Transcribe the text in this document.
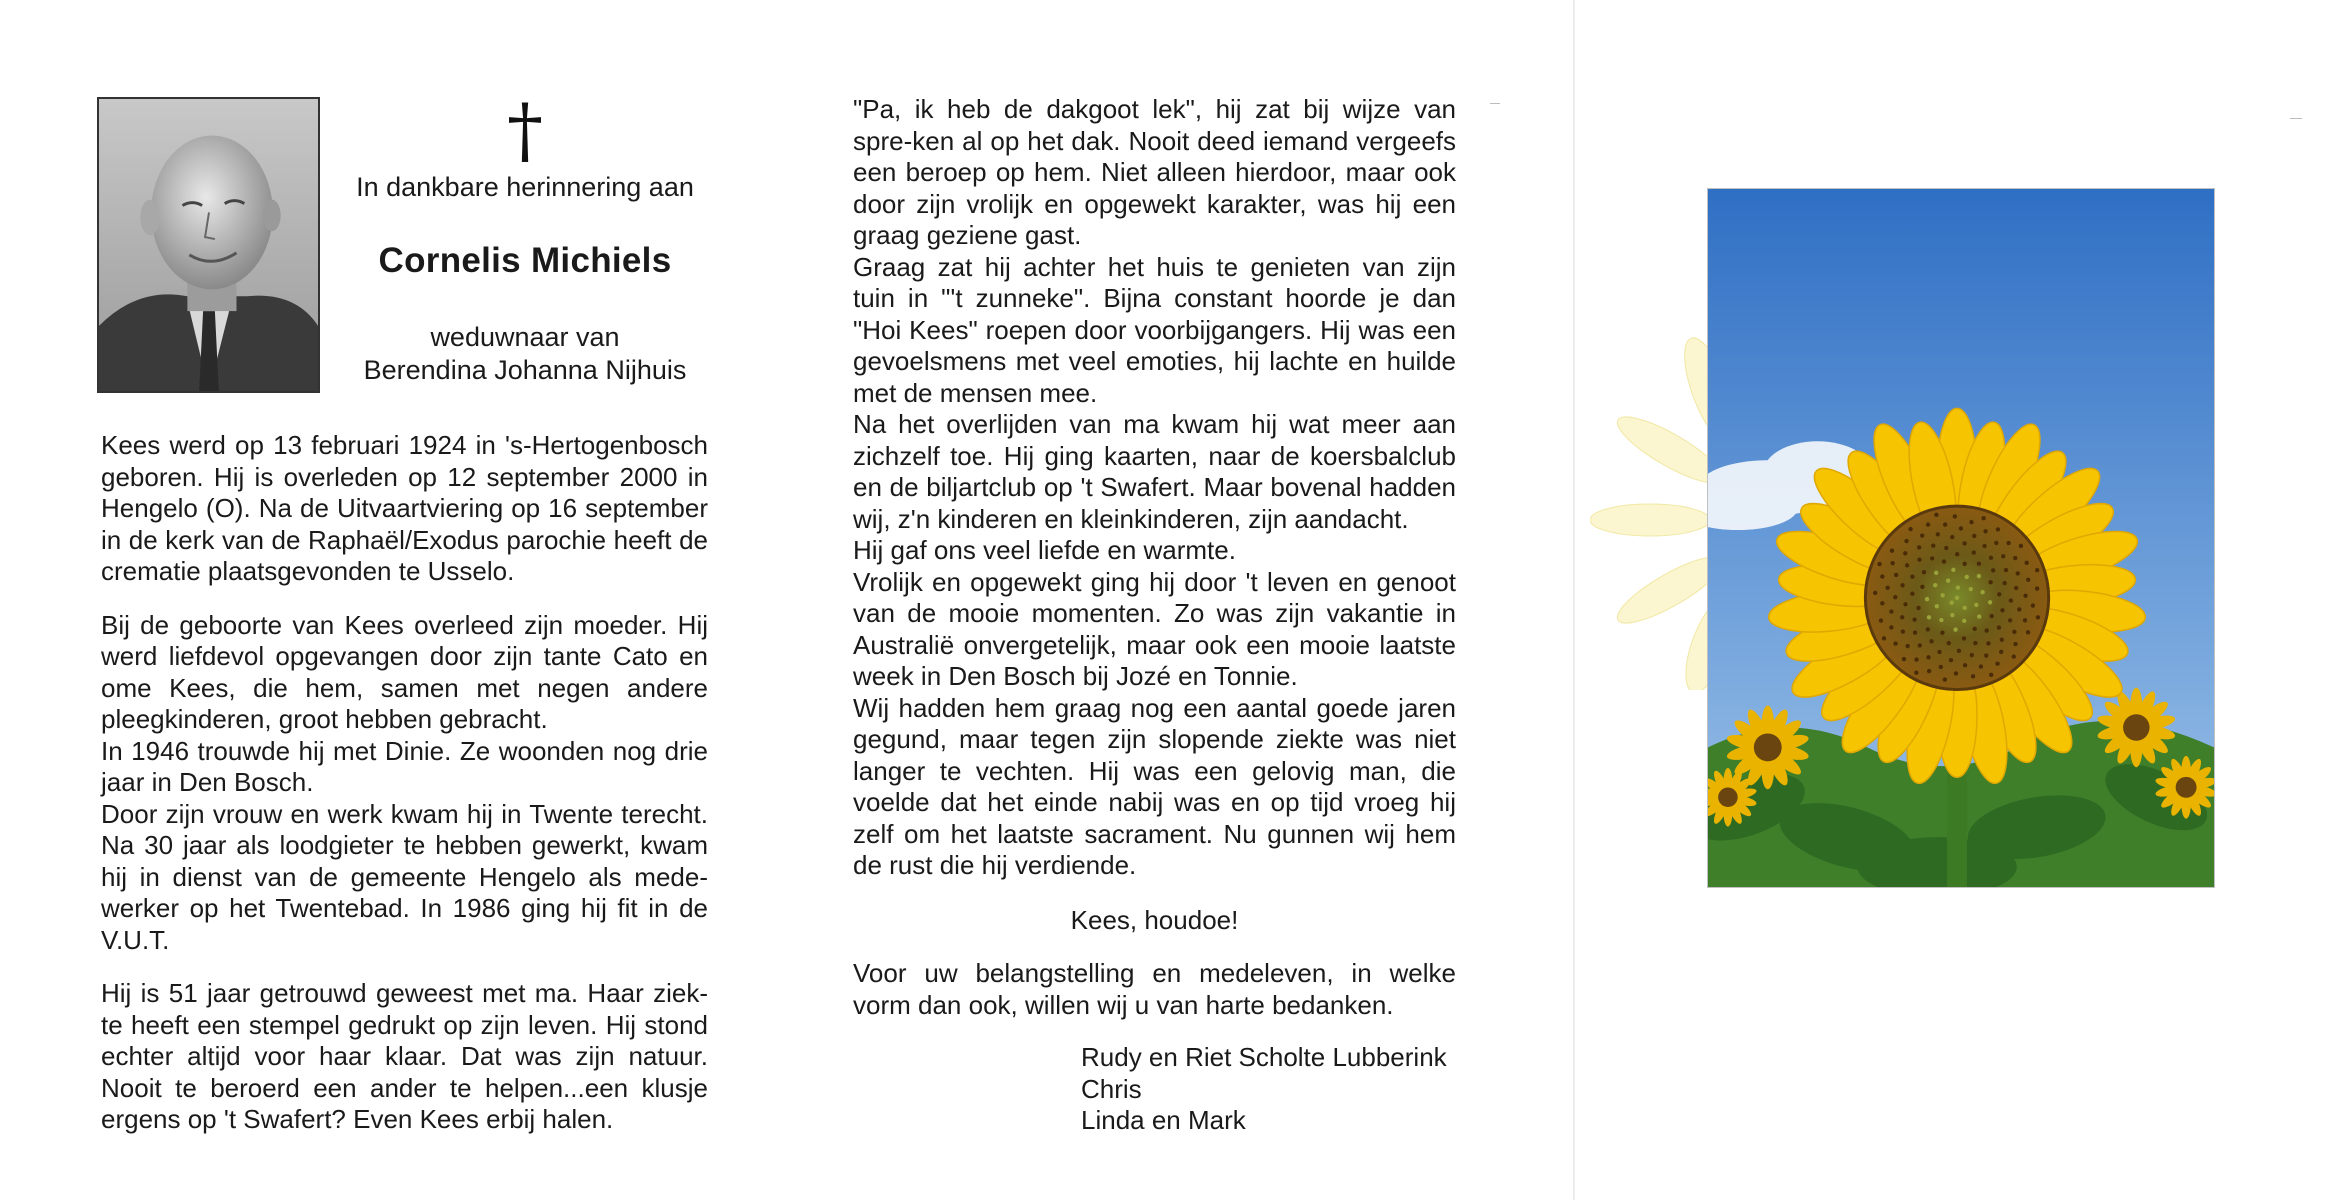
†
In dankbare herinnering aan
Cornelis Michiels
weduwnaar van
Berendina Johanna Nijhuis

Kees werd op 13 februari 1924 in 's-Hertogenbosch geboren. Hij is overleden op 12 september 2000 in Hengelo (O). Na de Uitvaartviering op 16 september in de kerk van de Raphaël/Exodus parochie heeft de crematie plaatsgevonden te Usselo.

Bij de geboorte van Kees overleed zijn moeder. Hij werd liefdevol opgevangen door zijn tante Cato en ome Kees, die hem, samen met negen andere pleegkinderen, groot hebben gebracht.

In 1946 trouwde hij met Dinie. Ze woonden nog drie jaar in Den Bosch.

Door zijn vrouw en werk kwam hij in Twente terecht. Na 30 jaar als loodgieter te hebben gewerkt, kwam hij in dienst van de gemeente Hengelo als mede-werker op het Twentebad. In 1986 ging hij fit in de V.U.T.

Hij is 51 jaar getrouwd geweest met ma. Haar ziek-te heeft een stempel gedrukt op zijn leven. Hij stond echter altijd voor haar klaar. Dat was zijn natuur. Nooit te beroerd een ander te helpen...een klusje ergens op 't Swafert? Even Kees erbij halen.

"Pa, ik heb de dakgoot lek", hij zat bij wijze van spre-ken al op het dak. Nooit deed iemand vergeefs een beroep op hem. Niet alleen hierdoor, maar ook door zijn vrolijk en opgewekt karakter, was hij een graag geziene gast.

Graag zat hij achter het huis te genieten van zijn tuin in "'t zunneke". Bijna constant hoorde je dan "Hoi Kees" roepen door voorbijgangers. Hij was een gevoelsmens met veel emoties, hij lachte en huilde met de mensen mee.

Na het overlijden van ma kwam hij wat meer aan zichzelf toe. Hij ging kaarten, naar de koersbalclub en de biljartclub op 't Swafert. Maar bovenal hadden wij, z'n kinderen en kleinkinderen, zijn aandacht.

Hij gaf ons veel liefde en warmte.

Vrolijk en opgewekt ging hij door 't leven en genoot van de mooie momenten. Zo was zijn vakantie in Australië onvergetelijk, maar ook een mooie laatste week in Den Bosch bij Jozé en Tonnie.

Wij hadden hem graag nog een aantal goede jaren gegund, maar tegen zijn slopende ziekte was niet langer te vechten. Hij was een gelovig man, die voelde dat het einde nabij was en op tijd vroeg hij zelf om het laatste sacrament. Nu gunnen wij hem de rust die hij verdiende.

Kees, houdoe!
Voor uw belangstelling en medeleven, in welke vorm dan ook, willen wij u van harte bedanken.
Rudy en Riet Scholte Lubberink
Chris
Linda en Mark
